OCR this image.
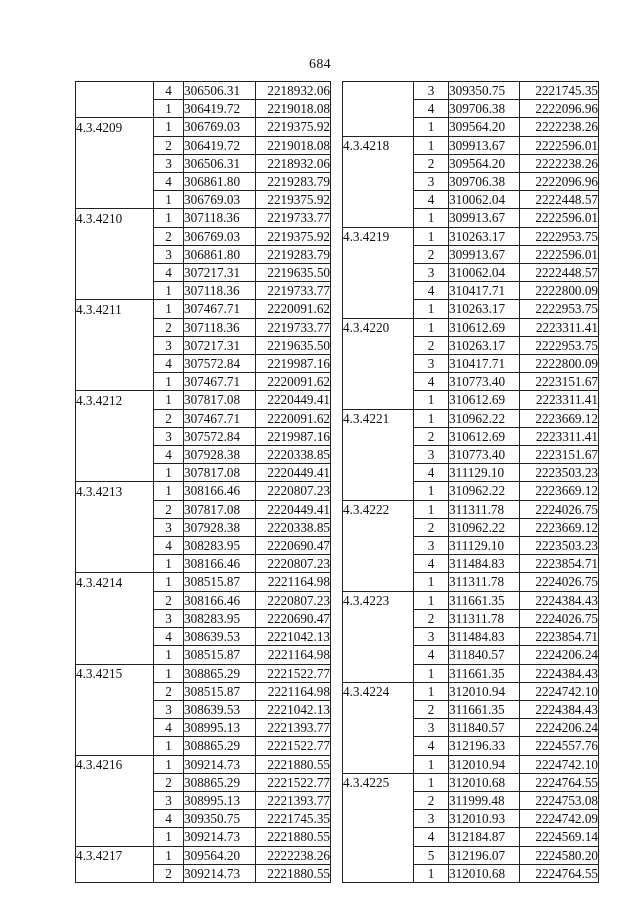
684
	4	306506.31	2218932.06
	1	306419.72	2219018.08
4.3.4209	1	306769.03	2219375.92
	2	306419.72	2219018.08
	3	306506.31	2218932.06
	4	306861.80	2219283.79
	1	306769.03	2219375.92
4.3.4210	1	307118.36	2219733.77
	2	306769.03	2219375.92
	3	306861.80	2219283.79
	4	307217.31	2219635.50
	1	307118.36	2219733.77
4.3.4211	1	307467.71	2220091.62
	2	307118.36	2219733.77
	3	307217.31	2219635.50
	4	307572.84	2219987.16
	1	307467.71	2220091.62
4.3.4212	1	307817.08	2220449.41
	2	307467.71	2220091.62
	3	307572.84	2219987.16
	4	307928.38	2220338.85
	1	307817.08	2220449.41
4.3.4213	1	308166.46	2220807.23
	2	307817.08	2220449.41
	3	307928.38	2220338.85
	4	308283.95	2220690.47
	1	308166.46	2220807.23
4.3.4214	1	308515.87	2221164.98
	2	308166.46	2220807.23
	3	308283.95	2220690.47
	4	308639.53	2221042.13
	1	308515.87	2221164.98
4.3.4215	1	308865.29	2221522.77
	2	308515.87	2221164.98
	3	308639.53	2221042.13
	4	308995.13	2221393.77
	1	308865.29	2221522.77
4.3.4216	1	309214.73	2221880.55
	2	308865.29	2221522.77
	3	308995.13	2221393.77
	4	309350.75	2221745.35
	1	309214.73	2221880.55
4.3.4217	1	309564.20	2222238.26
	2	309214.73	2221880.55
	3	309350.75	2221745.35
	4	309706.38	2222096.96
	1	309564.20	2222238.26
4.3.4218	1	309913.67	2222596.01
	2	309564.20	2222238.26
	3	309706.38	2222096.96
	4	310062.04	2222448.57
	1	309913.67	2222596.01
4.3.4219	1	310263.17	2222953.75
	2	309913.67	2222596.01
	3	310062.04	2222448.57
	4	310417.71	2222800.09
	1	310263.17	2222953.75
4.3.4220	1	310612.69	2223311.41
	2	310263.17	2222953.75
	3	310417.71	2222800.09
	4	310773.40	2223151.67
	1	310612.69	2223311.41
4.3.4221	1	310962.22	2223669.12
	2	310612.69	2223311.41
	3	310773.40	2223151.67
	4	311129.10	2223503.23
	1	310962.22	2223669.12
4.3.4222	1	311311.78	2224026.75
	2	310962.22	2223669.12
	3	311129.10	2223503.23
	4	311484.83	2223854.71
	1	311311.78	2224026.75
4.3.4223	1	311661.35	2224384.43
	2	311311.78	2224026.75
	3	311484.83	2223854.71
	4	311840.57	2224206.24
	1	311661.35	2224384.43
4.3.4224	1	312010.94	2224742.10
	2	311661.35	2224384.43
	3	311840.57	2224206.24
	4	312196.33	2224557.76
	1	312010.94	2224742.10
4.3.4225	1	312010.68	2224764.55
	2	311999.48	2224753.08
	3	312010.93	2224742.09
	4	312184.87	2224569.14
	5	312196.07	2224580.20
	1	312010.68	2224764.55
